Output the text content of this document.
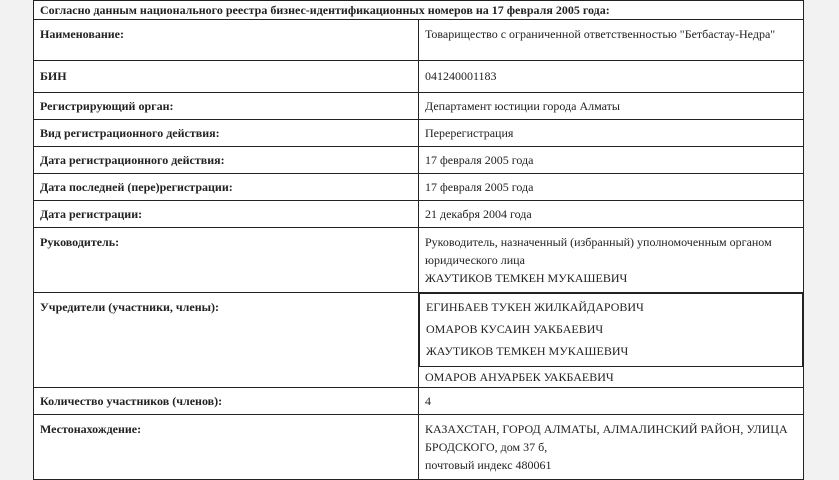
Согласно данным национального реестра бизнес-идентификационных номеров на 17 февраля 2005 года:	
Наименование:	Товарищество с ограниченной ответственностью "Бетбастау-Недра"
БИН	041240001183
Регистрирующий орган:	Департамент юстиции города Алматы
Вид регистрационного действия:	Перерегистрация
Дата регистрационного действия:	17 февраля 2005 года
Дата последней (пере)регистрации:	17 февраля 2005 года
Дата регистрации:	21 декабря 2004 года
Руководитель:	Руководитель, назначенный (избранный) уполномоченным органом юридического лица
ЖАУТИКОВ ТЕМКЕН МУКАШЕВИЧ

Учредители (участники, члены):	ЕГИНБАЕВ ТУКЕН ЖИЛКАЙДАРОВИЧ
ОМАРОВ КУСАИН УАКБАЕВИЧ
ЖАУТИКОВ ТЕМКЕН МУКАШЕВИЧ
ОМАРОВ АНУАРБЕК УАКБАЕВИЧ

Количество участников (членов):	4
Местонахождение:	КАЗАХСТАН, ГОРОД АЛМАТЫ, АЛМАЛИНСКИЙ РАЙОН, УЛИЦА БРОДСКОГО, дом 37 б,
почтовый индекс 480061
